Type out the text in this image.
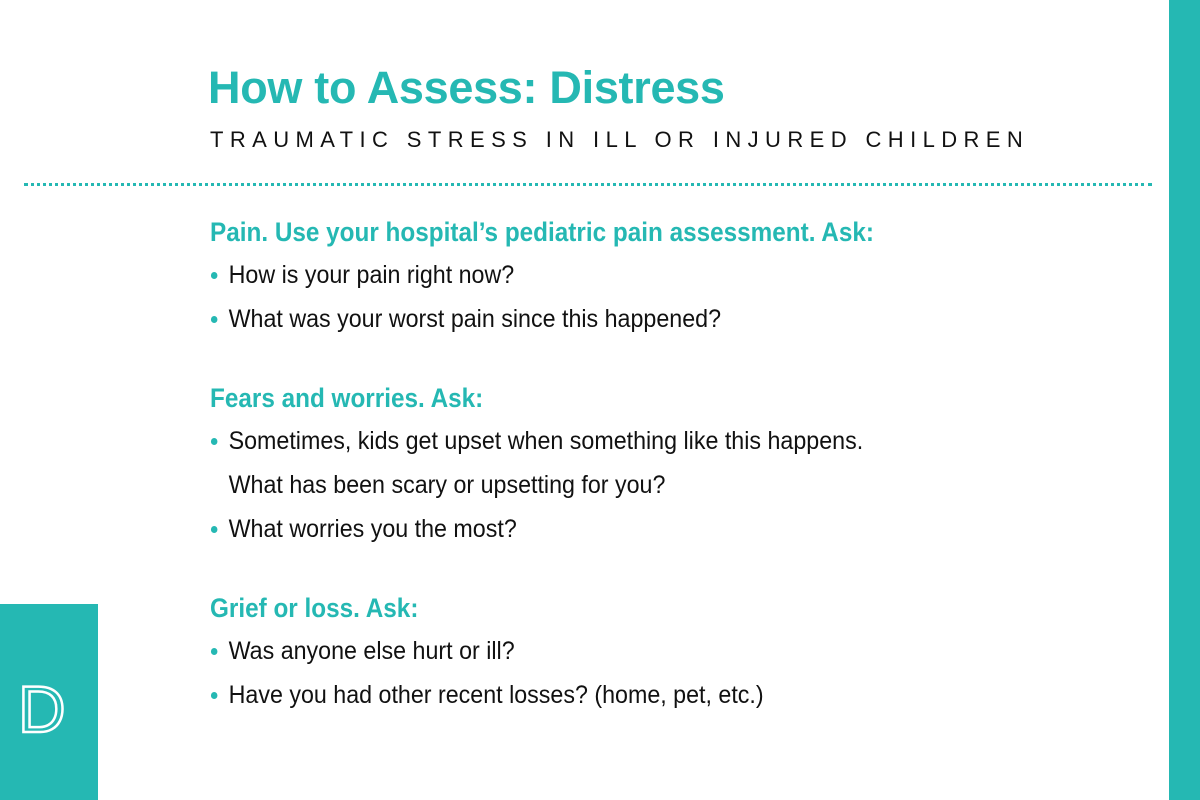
How to Assess: Distress
TRAUMATIC STRESS IN ILL OR INJURED CHILDREN
Pain. Use your hospital’s pediatric pain assessment. Ask:
How is your pain right now?
What was your worst pain since this happened?
Fears and worries. Ask:
Sometimes, kids get upset when something like this happens.
What has been scary or upsetting for you?
What worries you the most?
Grief or loss. Ask:
Was anyone else hurt or ill?
Have you had other recent losses? (home, pet, etc.)
D
